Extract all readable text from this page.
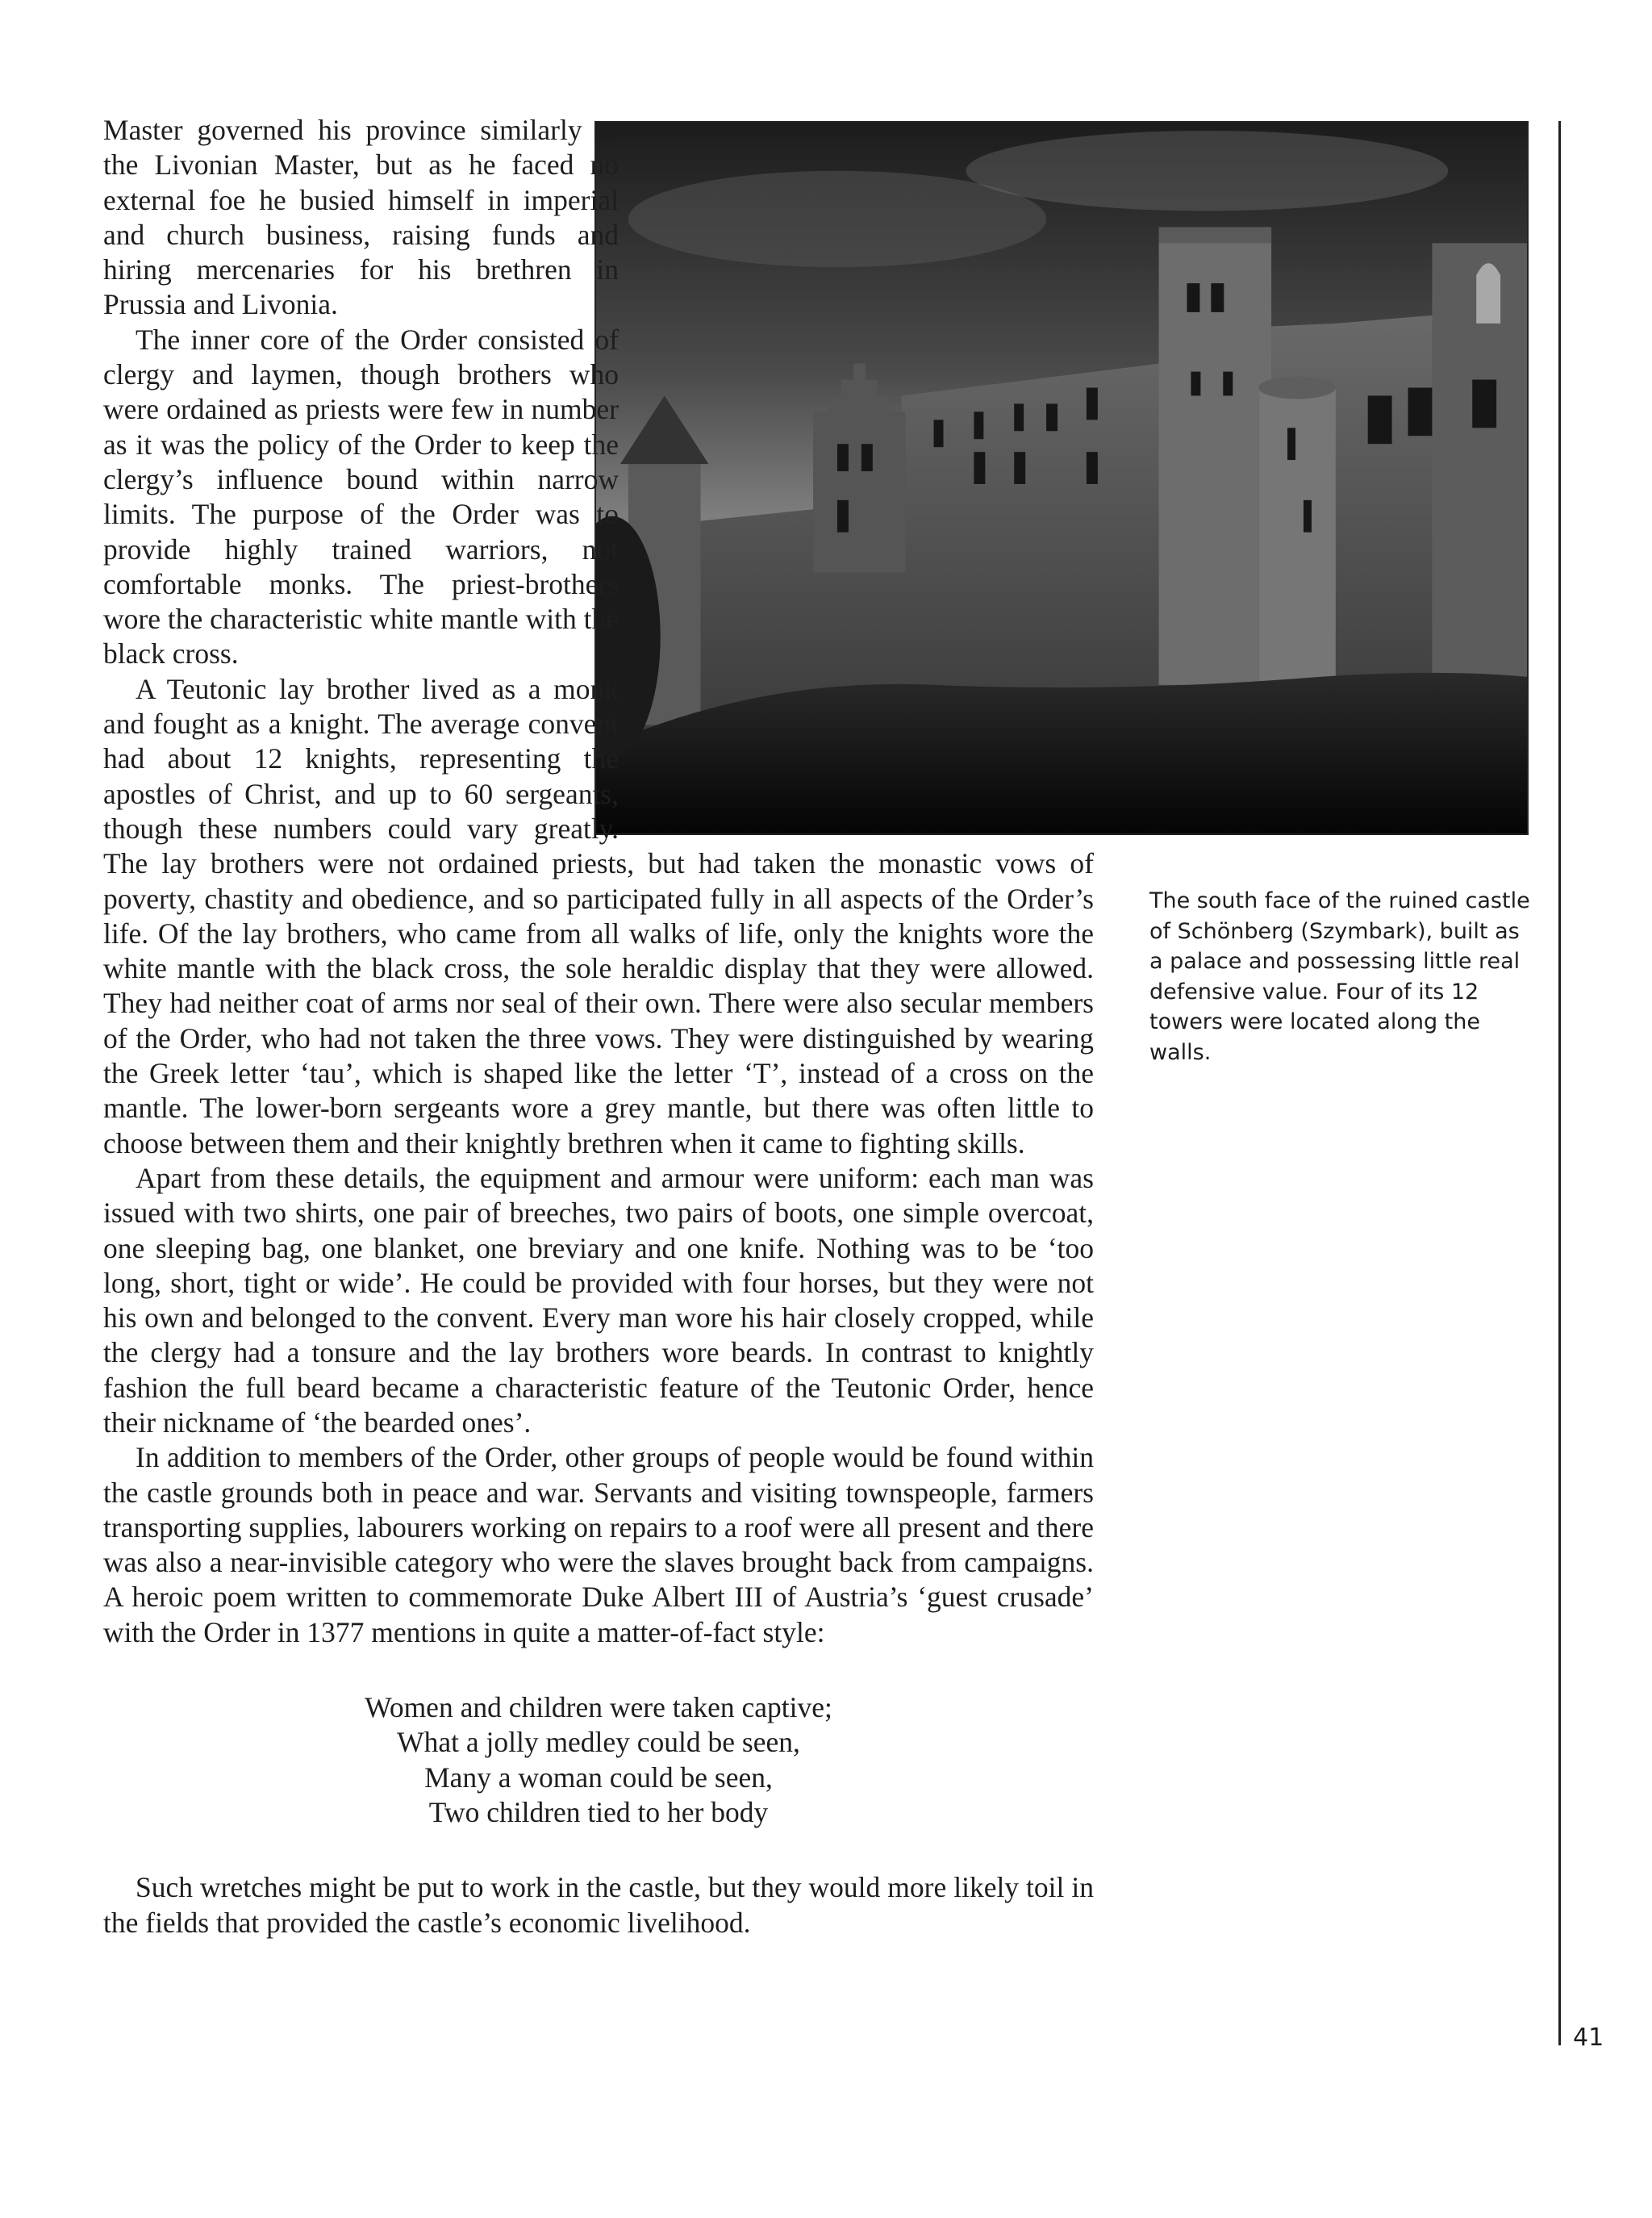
Master governed his province similarly to the Livonian Master, but as he faced no external foe he busied himself in imperial and church business, raising funds and hiring mercenaries for his brethren in Prussia and Livonia.

The inner core of the Order consisted of clergy and laymen, though brothers who were ordained as priests were few in number as it was the policy of the Order to keep the clergy’s influence bound within narrow limits. The purpose of the Order was to provide highly trained warriors, not comfortable monks. The priest-brothers wore the characteristic white mantle with the black cross.

A Teutonic lay brother lived as a monk and fought as a knight. The average convent had about 12 knights, representing the apostles of Christ, and up to 60 sergeants, though these numbers could vary greatly. The lay brothers were not ordained priests, but had taken the monastic vows of poverty, chastity and obedience, and so participated fully in all aspects of the Order’s life. Of the lay brothers, who came from all walks of life, only the knights wore the white mantle with the black cross, the sole heraldic display that they were allowed. They had neither coat of arms nor seal of their own. There were also secular members of the Order, who had not taken the three vows. They were distinguished by wearing the Greek letter ‘tau’, which is shaped like the letter ‘T’, instead of a cross on the mantle. The lower-born sergeants wore a grey mantle, but there was often little to choose between them and their knightly brethren when it came to fighting skills.

Apart from these details, the equipment and armour were uniform: each man was issued with two shirts, one pair of breeches, two pairs of boots, one simple overcoat, one sleeping bag, one blanket, one breviary and one knife. Nothing was to be ‘too long, short, tight or wide’. He could be provided with four horses, but they were not his own and belonged to the convent. Every man wore his hair closely cropped, while the clergy had a tonsure and the lay brothers wore beards. In contrast to knightly fashion the full beard became a characteristic feature of the Teutonic Order, hence their nickname of ‘the bearded ones’.

In addition to members of the Order, other groups of people would be found within the castle grounds both in peace and war. Servants and visiting townspeople, farmers transporting supplies, labourers working on repairs to a roof were all present and there was also a near-invisible category who were the slaves brought back from campaigns. A heroic poem written to commemorate Duke Albert III of Austria’s ‘guest crusade’ with the Order in 1377 mentions in quite a matter-of-fact style:

Women and children were taken captive;
What a jolly medley could be seen,
Many a woman could be seen,
Two children tied to her body

Such wretches might be put to work in the castle, but they would more likely toil in the fields that provided the castle’s economic livelihood.

The south face of the ruined castle of Schönberg (Szymbark), built as a palace and possessing little real defensive value. Four of its 12 towers were located along the walls.
41
